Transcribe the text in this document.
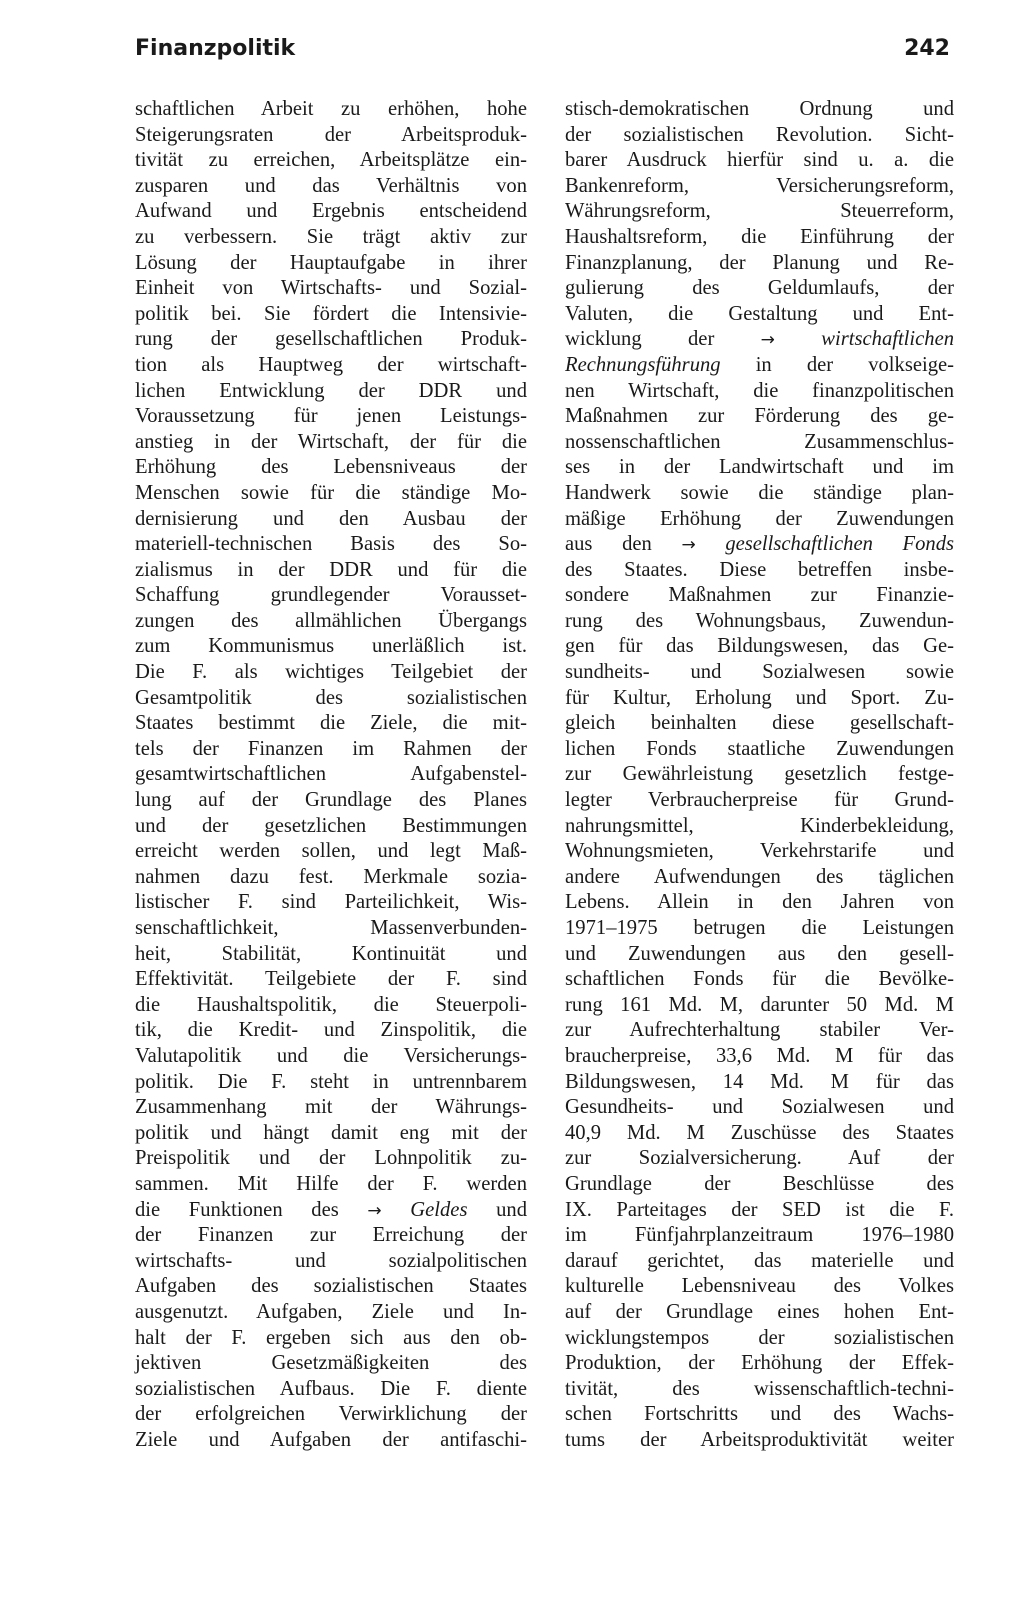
Finanzpolitik	242
schaftlichen Arbeit zu erhöhen, hohe
Steigerungsraten der Arbeitsproduk-
tivität zu erreichen, Arbeitsplätze ein-
zusparen und das Verhältnis von
Aufwand und Ergebnis entscheidend
zu verbessern. Sie trägt aktiv zur
Lösung der Hauptaufgabe in ihrer
Einheit von Wirtschafts- und Sozial-
politik bei. Sie fördert die Intensivie-
rung der gesellschaftlichen Produk-
tion als Hauptweg der wirtschaft-
lichen Entwicklung der DDR und
Voraussetzung für jenen Leistungs-
anstieg in der Wirtschaft, der für die
Erhöhung des Lebensniveaus der
Menschen sowie für die ständige Mo-
dernisierung und den Ausbau der
materiell-technischen Basis des So-
zialismus in der DDR und für die
Schaffung grundlegender Vorausset-
zungen des allmählichen Übergangs
zum Kommunismus unerläßlich ist.
Die F. als wichtiges Teilgebiet der
Gesamtpolitik des sozialistischen
Staates bestimmt die Ziele, die mit-
tels der Finanzen im Rahmen der
gesamtwirtschaftlichen Aufgabenstel-
lung auf der Grundlage des Planes
und der gesetzlichen Bestimmungen
erreicht werden sollen, und legt Maß-
nahmen dazu fest. Merkmale sozia-
listischer F. sind Parteilichkeit, Wis-
senschaftlichkeit, Massenverbunden-
heit, Stabilität, Kontinuität und
Effektivität. Teilgebiete der F. sind
die Haushaltspolitik, die Steuerpoli-
tik, die Kredit- und Zinspolitik, die
Valutapolitik und die Versicherungs-
politik. Die F. steht in untrennbarem
Zusammenhang mit der Währungs-
politik und hängt damit eng mit der
Preispolitik und der Lohnpolitik zu-
sammen. Mit Hilfe der F. werden
die Funktionen des → Geldes und
der Finanzen zur Erreichung der
wirtschafts- und sozialpolitischen
Aufgaben des sozialistischen Staates
ausgenutzt. Aufgaben, Ziele und In-
halt der F. ergeben sich aus den ob-
jektiven Gesetzmäßigkeiten des
sozialistischen Aufbaus. Die F. diente
der erfolgreichen Verwirklichung der
Ziele und Aufgaben der antifaschi-
stisch-demokratischen Ordnung und
der sozialistischen Revolution. Sicht-
barer Ausdruck hierfür sind u. a. die
Bankenreform, Versicherungsreform,
Währungsreform, Steuerreform,
Haushaltsreform, die Einführung der
Finanzplanung, der Planung und Re-
gulierung des Geldumlaufs, der
Valuten, die Gestaltung und Ent-
wicklung der → wirtschaftlichen
Rechnungsführung in der volkseige-
nen Wirtschaft, die finanzpolitischen
Maßnahmen zur Förderung des ge-
nossenschaftlichen Zusammenschlus-
ses in der Landwirtschaft und im
Handwerk sowie die ständige plan-
mäßige Erhöhung der Zuwendungen
aus den → gesellschaftlichen Fonds
des Staates. Diese betreffen insbe-
sondere Maßnahmen zur Finanzie-
rung des Wohnungsbaus, Zuwendun-
gen für das Bildungswesen, das Ge-
sundheits- und Sozialwesen sowie
für Kultur, Erholung und Sport. Zu-
gleich beinhalten diese gesellschaft-
lichen Fonds staatliche Zuwendungen
zur Gewährleistung gesetzlich festge-
legter Verbraucherpreise für Grund-
nahrungsmittel, Kinderbekleidung,
Wohnungsmieten, Verkehrstarife und
andere Aufwendungen des täglichen
Lebens. Allein in den Jahren von
1971–1975 betrugen die Leistungen
und Zuwendungen aus den gesell-
schaftlichen Fonds für die Bevölke-
rung 161 Md. M, darunter 50 Md. M
zur Aufrechterhaltung stabiler Ver-
braucherpreise, 33,6 Md. M für das
Bildungswesen, 14 Md. M für das
Gesundheits- und Sozialwesen und
40,9 Md. M Zuschüsse des Staates
zur Sozialversicherung. Auf der
Grundlage der Beschlüsse des
IX. Parteitages der SED ist die F.
im Fünfjahrplanzeitraum 1976–1980
darauf gerichtet, das materielle und
kulturelle Lebensniveau des Volkes
auf der Grundlage eines hohen Ent-
wicklungstempos der sozialistischen
Produktion, der Erhöhung der Effek-
tivität, des wissenschaftlich-techni-
schen Fortschritts und des Wachs-
tums der Arbeitsproduktivität weiter
